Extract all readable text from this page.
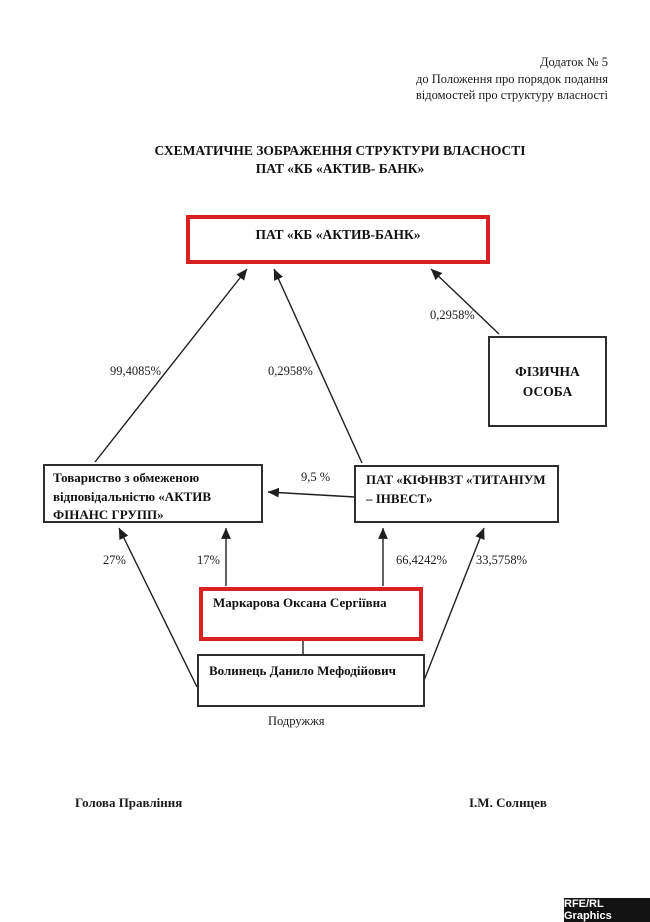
Додаток № 5
до Положення про порядок подання
відомостей про структуру власності
СХЕМАТИЧНЕ ЗОБРАЖЕННЯ СТРУКТУРИ ВЛАСНОСТІ
ПАТ «КБ «АКТИВ- БАНК»
ПАТ «КБ «АКТИВ-БАНК»
ФІЗИЧНА ОСОБА
Товариство з обмеженою відповідальністю «АКТИВ ФІНАНС ГРУПП»
ПАТ «КІФНВЗТ «ТИТАНІУМ – ІНВЕСТ»
Маркарова Оксана Сергіївна
Волинець Данило Мефодійович
0,2958%
99,4085%	0,2958%
9,5 %
27%	17%	66,4242% 33,5758%
Подружжя
Голова Правління	І.М. Солнцев
RFE/RL Graphics
